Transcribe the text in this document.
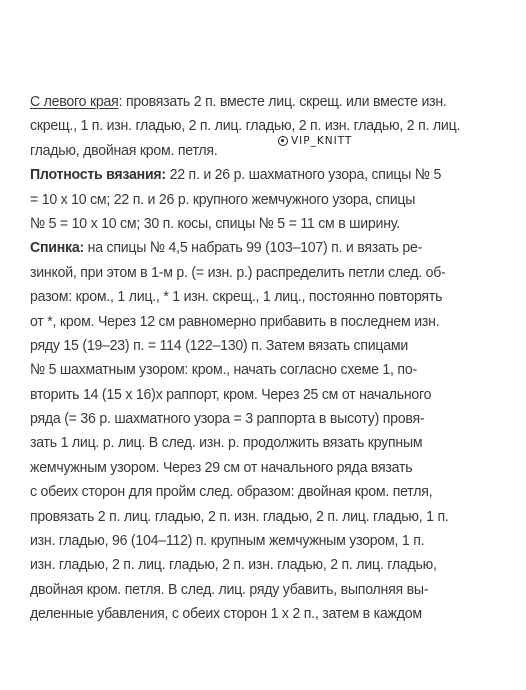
С левого края: провязать 2 п. вместе лиц. скрещ. или вместе изн.
скрещ., 1 п. изн. гладью, 2 п. лиц. гладью, 2 п. изн. гладью, 2 п. лиц.
гладью, двойная кром. петля.
Плотность вязания: 22 п. и 26 р. шахматного узора, спицы № 5
= 10 х 10 см; 22 п. и 26 р. крупного жемчужного узора, спицы
№ 5 = 10 х 10 см; 30 п. косы, спицы № 5 = 11 см в ширину.
Спинка: на спицы № 4,5 набрать 99 (103–107) п. и вязать ре-
зинкой, при этом в 1-м р. (= изн. р.) распределить петли след. об-
разом: кром., 1 лиц., * 1 изн. скрещ., 1 лиц., постоянно повторять
от *, кром. Через 12 см равномерно прибавить в последнем изн.
ряду 15 (19–23) п. = 114 (122–130) п. Затем вязать спицами
№ 5 шахматным узором: кром., начать согласно схеме 1, по-
вторить 14 (15 х 16)х раппорт, кром. Через 25 см от начального
ряда (= 36 р. шахматного узора = 3 раппорта в высоту) провя-
зать 1 лиц. р. лиц. В след. изн. р. продолжить вязать крупным
жемчужным узором. Через 29 см от начального ряда вязать
с обеих сторон для пройм след. образом: двойная кром. петля,
провязать 2 п. лиц. гладью, 2 п. изн. гладью, 2 п. лиц. гладью, 1 п.
изн. гладью, 96 (104–112) п. крупным жемчужным узором, 1 п.
изн. гладью, 2 п. лиц. гладью, 2 п. изн. гладью, 2 п. лиц. гладью,
двойная кром. петля. В след. лиц. ряду убавить, выполняя вы-
деленные убавления, с обеих сторон 1 х 2 п., затем в каждом
VIP_KNITT
